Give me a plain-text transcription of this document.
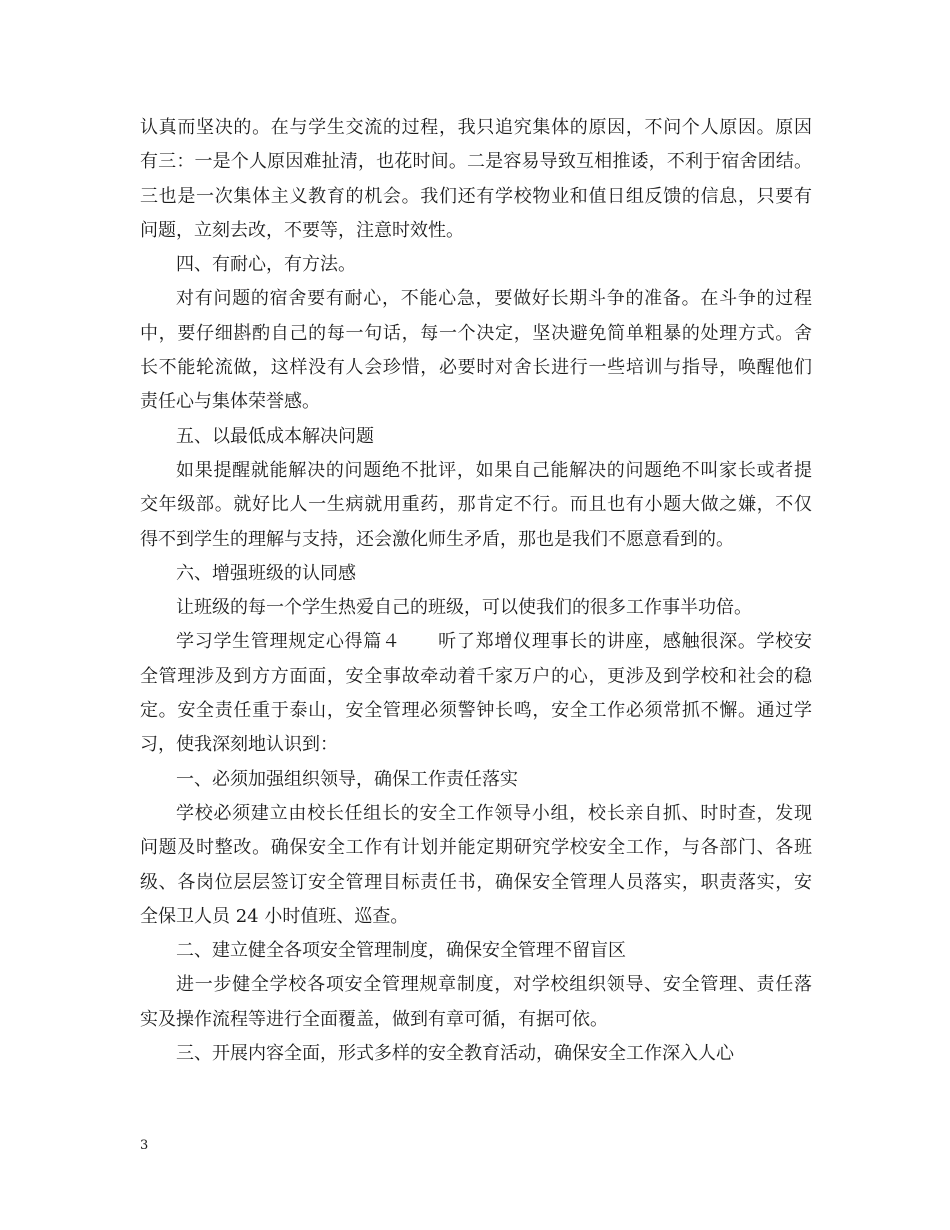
认真而坚决的。在与学生交流的过程，我只追究集体的原因，不问个人原因。原因
有三：一是个人原因难扯清，也花时间。二是容易导致互相推诿，不利于宿舍团结。
三也是一次集体主义教育的机会。我们还有学校物业和值日组反馈的信息，只要有
问题，立刻去改，不要等，注意时效性。
四、有耐心，有方法。
对有问题的宿舍要有耐心，不能心急，要做好长期斗争的准备。在斗争的过程
中，要仔细斟酌自己的每一句话，每一个决定，坚决避免简单粗暴的处理方式。舍
长不能轮流做，这样没有人会珍惜，必要时对舍长进行一些培训与指导，唤醒他们
责任心与集体荣誉感。
五、以最低成本解决问题
如果提醒就能解决的问题绝不批评，如果自己能解决的问题绝不叫家长或者提
交年级部。就好比人一生病就用重药，那肯定不行。而且也有小题大做之嫌，不仅
得不到学生的理解与支持，还会激化师生矛盾，那也是我们不愿意看到的。
六、增强班级的认同感
让班级的每一个学生热爱自己的班级，可以使我们的很多工作事半功倍。
学习学生管理规定心得篇４　　听了郑增仪理事长的讲座，感触很深。学校安
全管理涉及到方方面面，安全事故牵动着千家万户的心，更涉及到学校和社会的稳
定。安全责任重于泰山，安全管理必须警钟长鸣，安全工作必须常抓不懈。通过学
习，使我深刻地认识到：
一、必须加强组织领导，确保工作责任落实
学校必须建立由校长任组长的安全工作领导小组，校长亲自抓、时时查，发现
问题及时整改。确保安全工作有计划并能定期研究学校安全工作，与各部门、各班
级、各岗位层层签订安全管理目标责任书，确保安全管理人员落实，职责落实，安
全保卫人员 24 小时值班、巡查。
二、建立健全各项安全管理制度，确保安全管理不留盲区
进一步健全学校各项安全管理规章制度，对学校组织领导、安全管理、责任落
实及操作流程等进行全面覆盖，做到有章可循，有据可依。
三、开展内容全面，形式多样的安全教育活动，确保安全工作深入人心
3
